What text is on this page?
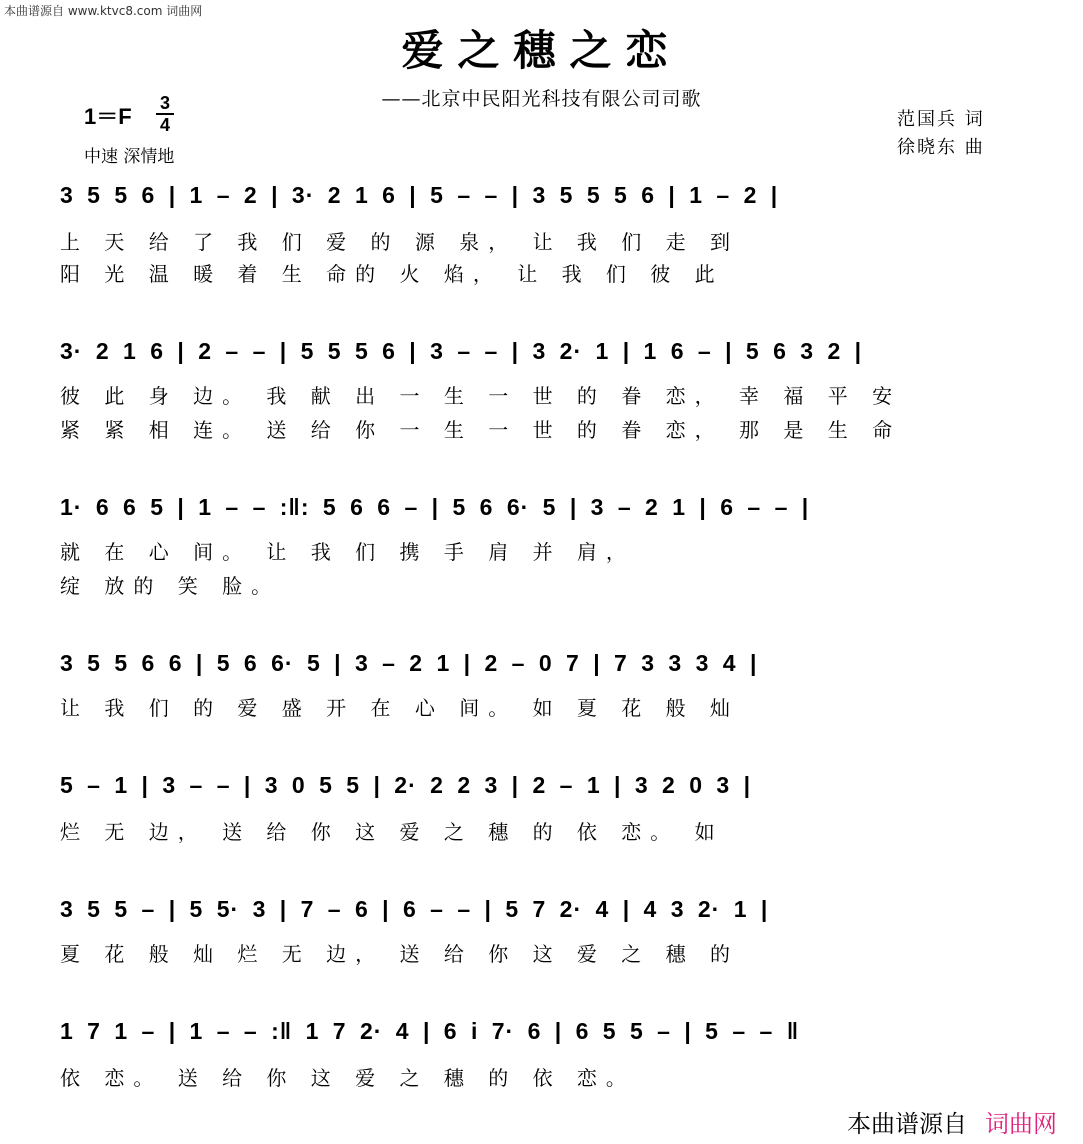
本曲谱源自 www.ktvc8.com 词曲网
爱之穗之恋
——北京中民阳光科技有限公司司歌
1＝F
3
4
中速 深情地
范国兵 词
徐晓东 曲
3 5 5 6 | 1 – 2 | 3· 2 1 6 | 5 – – | 3 5 5 5 6 | 1 – 2 |
上 天 给 了 我 们 爱 的 源 泉， 让 我 们 走 到
阳 光 温 暖 着 生 命的 火 焰， 让 我 们 彼 此
3· 2 1 6 | 2 – – | 5 5 5 6 | 3 – – | 3 2· 1 | 1 6 – | 5 6 3 2 |
彼 此 身 边。 我 献 出 一 生 一 世 的 眷 恋， 幸 福 平 安
紧 紧 相 连。 送 给 你 一 生 一 世 的 眷 恋， 那 是 生 命
1· 6 6 5 | 1 – – :‖: 5 6 6 – | 5 6 6· 5 | 3 – 2 1 | 6 – – |
就 在 心 间。 让 我 们 携 手 肩 并 肩，
绽 放的 笑 脸。
3 5 5 6 6 | 5 6 6· 5 | 3 – 2 1 | 2 – 0 7 | 7 3 3 3 4 |
让 我 们 的 爱 盛 开 在 心 间。 如 夏 花 般 灿
5 – 1 | 3 – – | 3 0 5 5 | 2· 2 2 3 | 2 – 1 | 3 2 0 3 |
烂 无 边， 送 给 你 这 爱 之 穗 的 依 恋。 如
3 5 5 – | 5 5· 3 | 7 – 6 | 6 – – | 5 7 2· 4 | 4 3 2· 1 |
夏 花 般 灿 烂 无 边， 送 给 你 这 爱 之 穗 的
1 7 1 – | 1 – – :‖ 1 7 2· 4 | 6 i 7· 6 | 6 5 5 – | 5 – – ‖
依 恋。 送 给 你 这 爱 之 穗 的 依 恋。
本曲谱源自 词曲网
